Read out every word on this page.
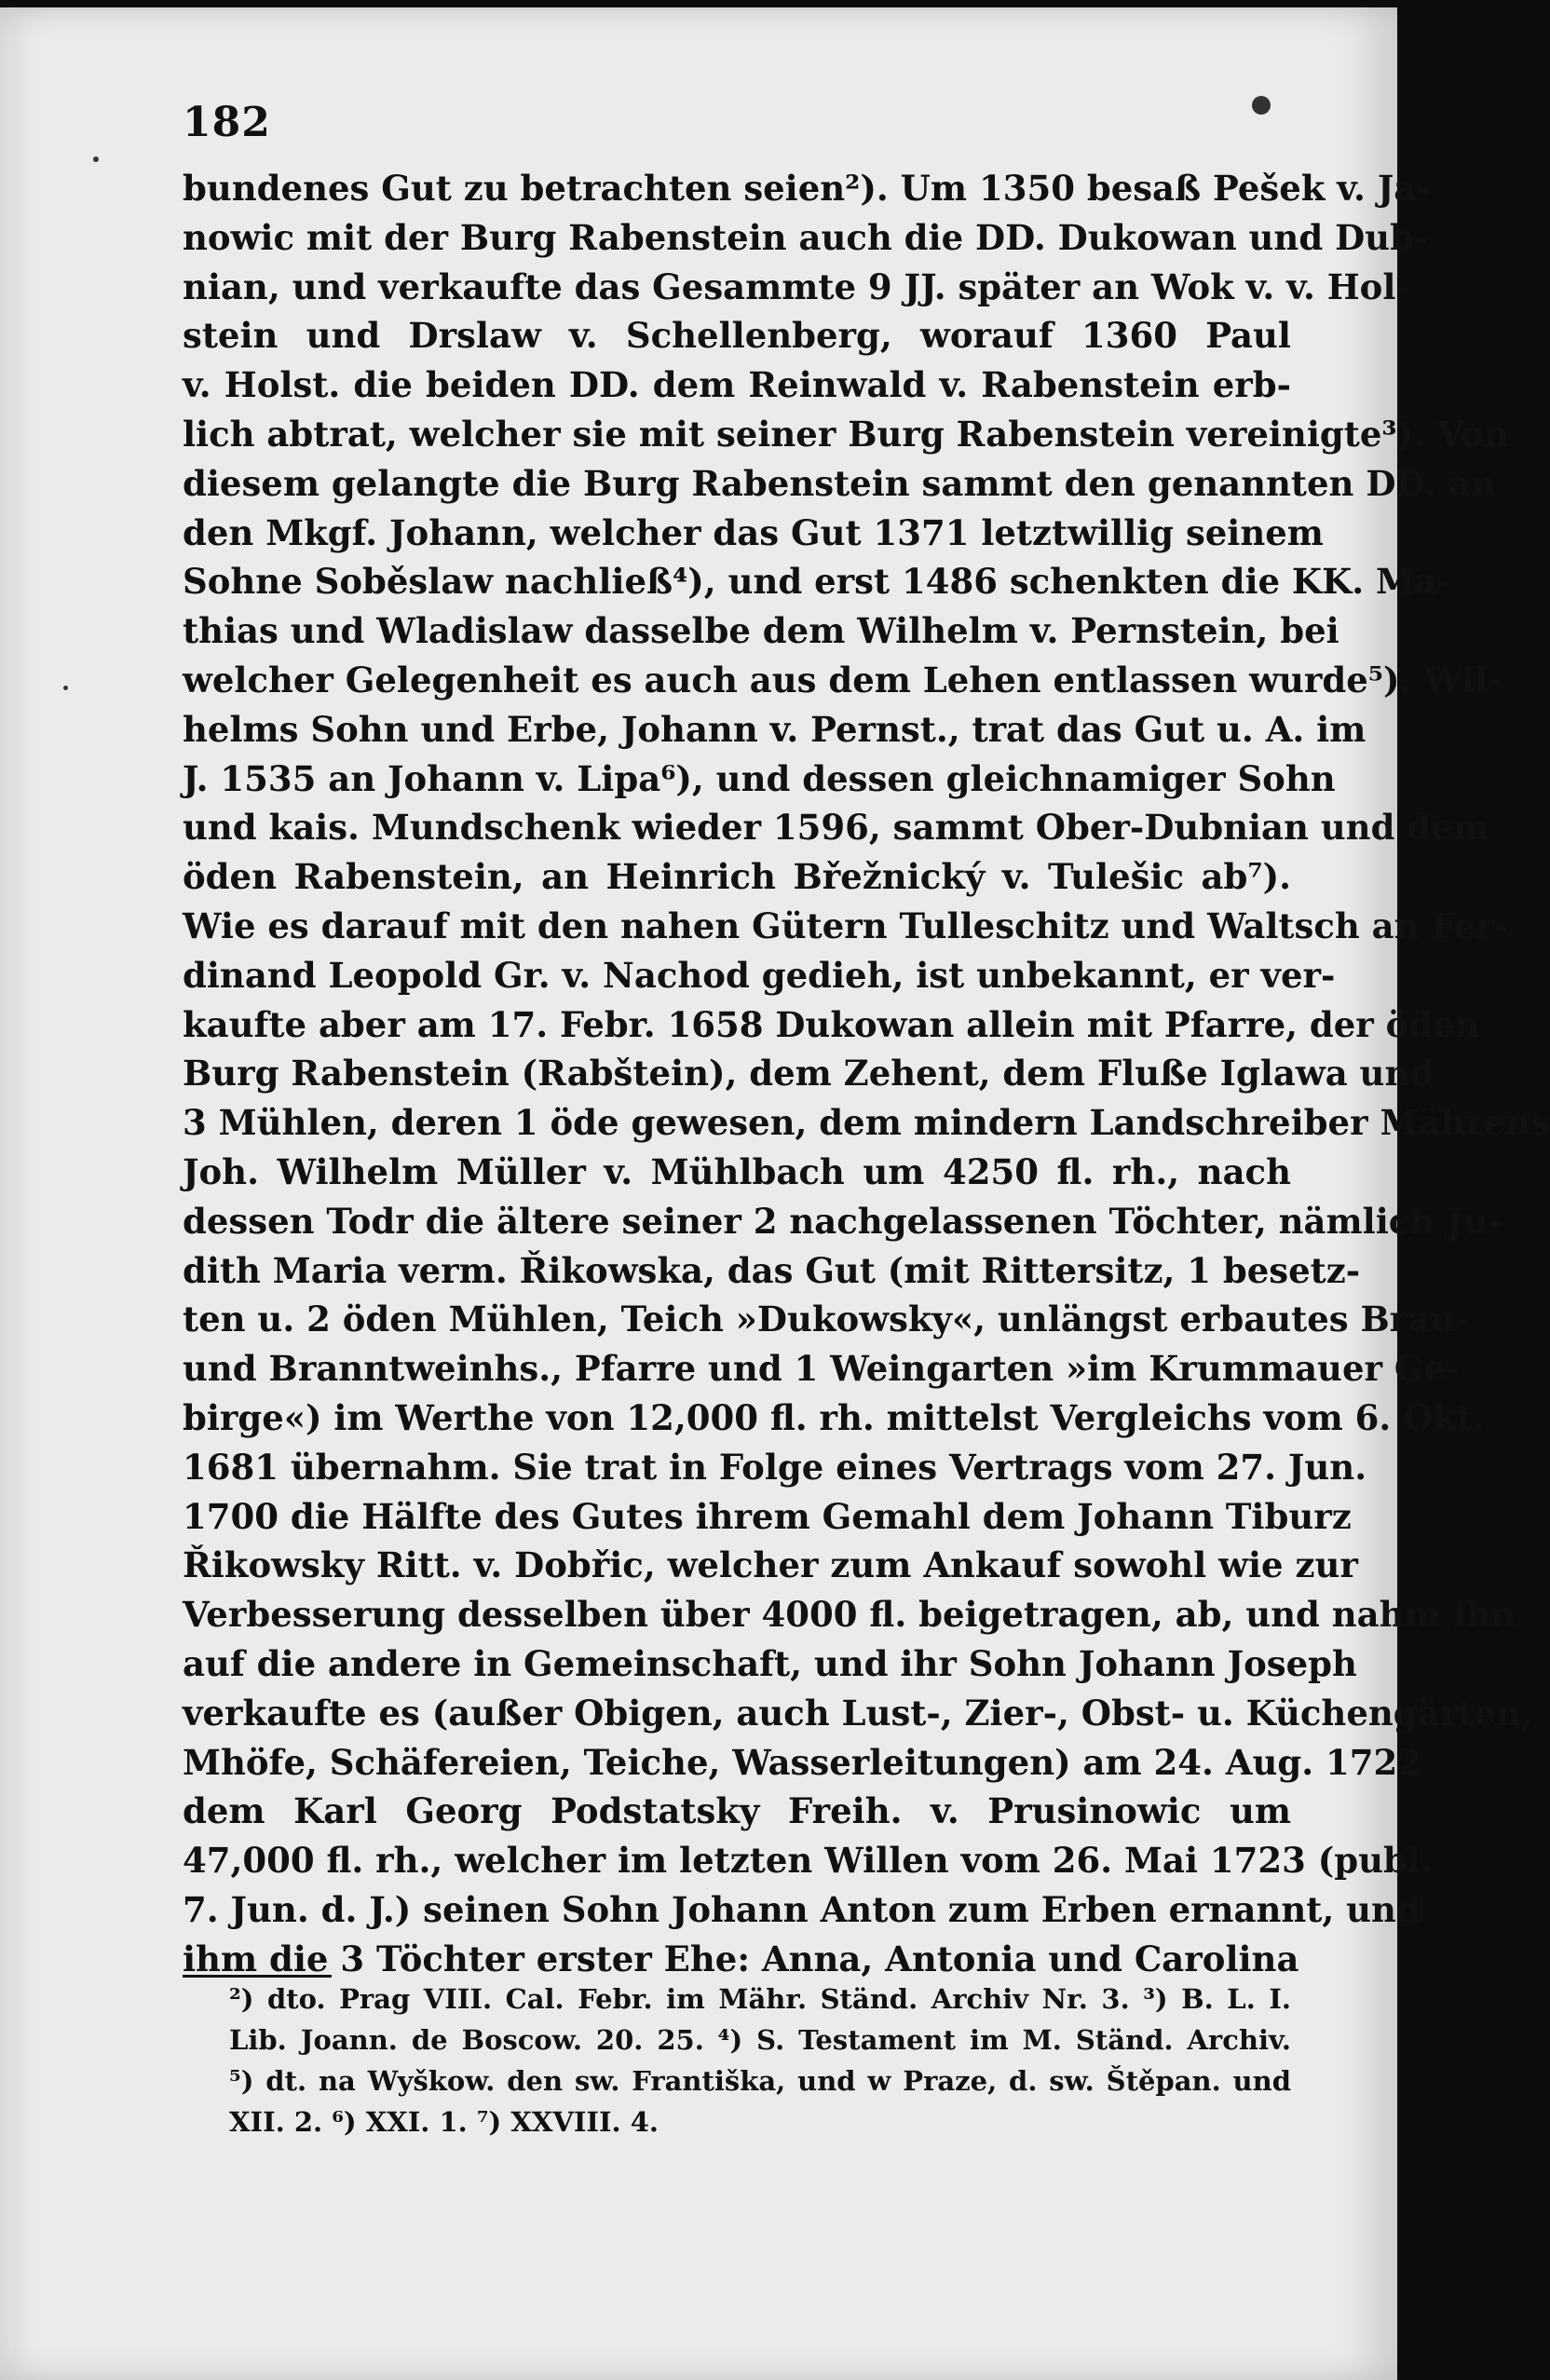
182
bundenes Gut zu betrachten seien²). Um 1350 besaß Pešek v. Ja-
nowic mit der Burg Rabenstein auch die DD. Dukowan und Dub-
nian, und verkaufte das Gesammte 9 JJ. später an Wok v. v. Hol-
stein und Drslaw v. Schellenberg, worauf 1360 Paul
v. Holst. die beiden DD. dem Reinwald v. Rabenstein erb-
lich abtrat, welcher sie mit seiner Burg Rabenstein vereinigte³). Von
diesem gelangte die Burg Rabenstein sammt den genannten DD. an
den Mkgf. Johann, welcher das Gut 1371 letztwillig seinem
Sohne Soběslaw nachließ⁴), und erst 1486 schenkten die KK. Ma-
thias und Wladislaw dasselbe dem Wilhelm v. Pernstein, bei
welcher Gelegenheit es auch aus dem Lehen entlassen wurde⁵). Wil-
helms Sohn und Erbe, Johann v. Pernst., trat das Gut u. A. im
J. 1535 an Johann v. Lipa⁶), und dessen gleichnamiger Sohn
und kais. Mundschenk wieder 1596, sammt Ober-Dubnian und dem
öden Rabenstein, an Heinrich Břežnický v. Tulešic ab⁷).
Wie es darauf mit den nahen Gütern Tulleschitz und Waltsch an Fer-
dinand Leopold Gr. v. Nachod gedieh, ist unbekannt, er ver-
kaufte aber am 17. Febr. 1658 Dukowan allein mit Pfarre, der öden
Burg Rabenstein (Rabštein), dem Zehent, dem Fluße Iglawa und
3 Mühlen, deren 1 öde gewesen, dem mindern Landschreiber Mährens
Joh. Wilhelm Müller v. Mühlbach um 4250 fl. rh., nach
dessen Todr die ältere seiner 2 nachgelassenen Töchter, nämlich Ju-
dith Maria verm. Řikowska, das Gut (mit Rittersitz, 1 besetz-
ten u. 2 öden Mühlen, Teich »Dukowsky«, unlängst erbautes Brau-
und Branntweinhs., Pfarre und 1 Weingarten »im Krummauer Ge-
birge«) im Werthe von 12,000 fl. rh. mittelst Vergleichs vom 6. Okt.
1681 übernahm. Sie trat in Folge eines Vertrags vom 27. Jun.
1700 die Hälfte des Gutes ihrem Gemahl dem Johann Tiburz
Řikowsky Ritt. v. Dobřic, welcher zum Ankauf sowohl wie zur
Verbesserung desselben über 4000 fl. beigetragen, ab, und nahm ihn
auf die andere in Gemeinschaft, und ihr Sohn Johann Joseph
verkaufte es (außer Obigen, auch Lust-, Zier-, Obst- u. Küchengärten,
Mhöfe, Schäfereien, Teiche, Wasserleitungen) am 24. Aug. 1722
dem Karl Georg Podstatsky Freih. v. Prusinowic um
47,000 fl. rh., welcher im letzten Willen vom 26. Mai 1723 (publ.
7. Jun. d. J.) seinen Sohn Johann Anton zum Erben ernannt, und
ihm die 3 Töchter erster Ehe: Anna, Antonia und Carolina
²) dto. Prag VIII. Cal. Febr. im Mähr. Ständ. Archiv Nr. 3. ³) B. L. I.
Lib. Joann. de Boscow. 20. 25. ⁴) S. Testament im M. Ständ. Archiv.
⁵) dt. na Wyškow. den sw. Františka, und w Praze, d. sw. Štěpan. und
XII. 2. ⁶) XXI. 1. ⁷) XXVIII. 4.
